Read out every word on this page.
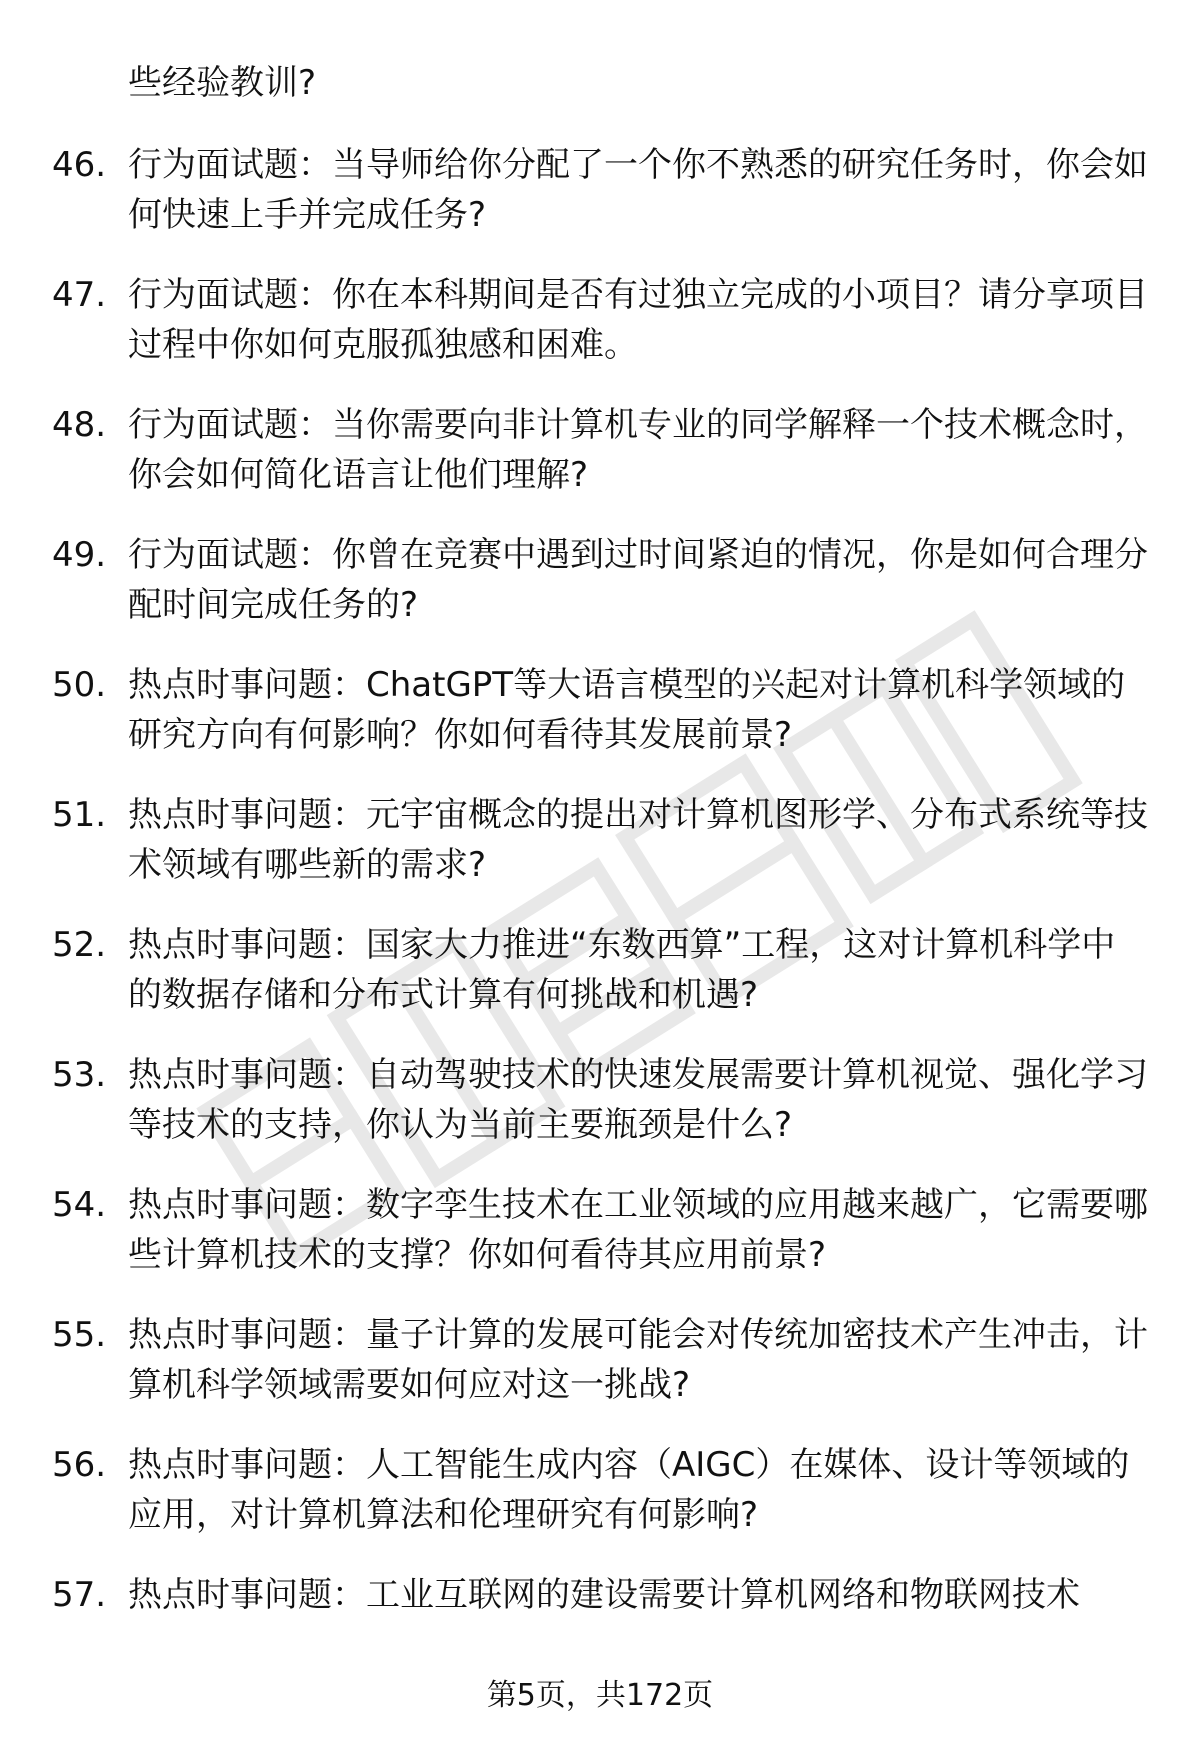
些经验教训?

46. 行为面试题：当导师给你分配了一个你不熟悉的研究任务时，你会如何快速上手并完成任务?

47. 行为面试题：你在本科期间是否有过独立完成的小项目？请分享项目过程中你如何克服孤独感和困难。

48. 行为面试题：当你需要向非计算机专业的同学解释一个技术概念时，你会如何简化语言让他们理解?

49. 行为面试题：你曾在竞赛中遇到过时间紧迫的情况，你是如何合理分配时间完成任务的?

50. 热点时事问题：ChatGPT等大语言模型的兴起对计算机科学领域的研究方向有何影响？你如何看待其发展前景?

51. 热点时事问题：元宇宙概念的提出对计算机图形学、分布式系统等技术领域有哪些新的需求?

52. 热点时事问题：国家大力推进“东数西算”工程，这对计算机科学中的数据存储和分布式计算有何挑战和机遇?

53. 热点时事问题：自动驾驶技术的快速发展需要计算机视觉、强化学习等技术的支持，你认为当前主要瓶颈是什么?

54. 热点时事问题：数字孪生技术在工业领域的应用越来越广，它需要哪些计算机技术的支撑？你如何看待其应用前景?

55. 热点时事问题：量子计算的发展可能会对传统加密技术产生冲击，计算机科学领域需要如何应对这一挑战?

56. 热点时事问题：人工智能生成内容（AIGC）在媒体、设计等领域的应用，对计算机算法和伦理研究有何影响?

57. 热点时事问题：工业互联网的建设需要计算机网络和物联网技术

第5页，共172页
